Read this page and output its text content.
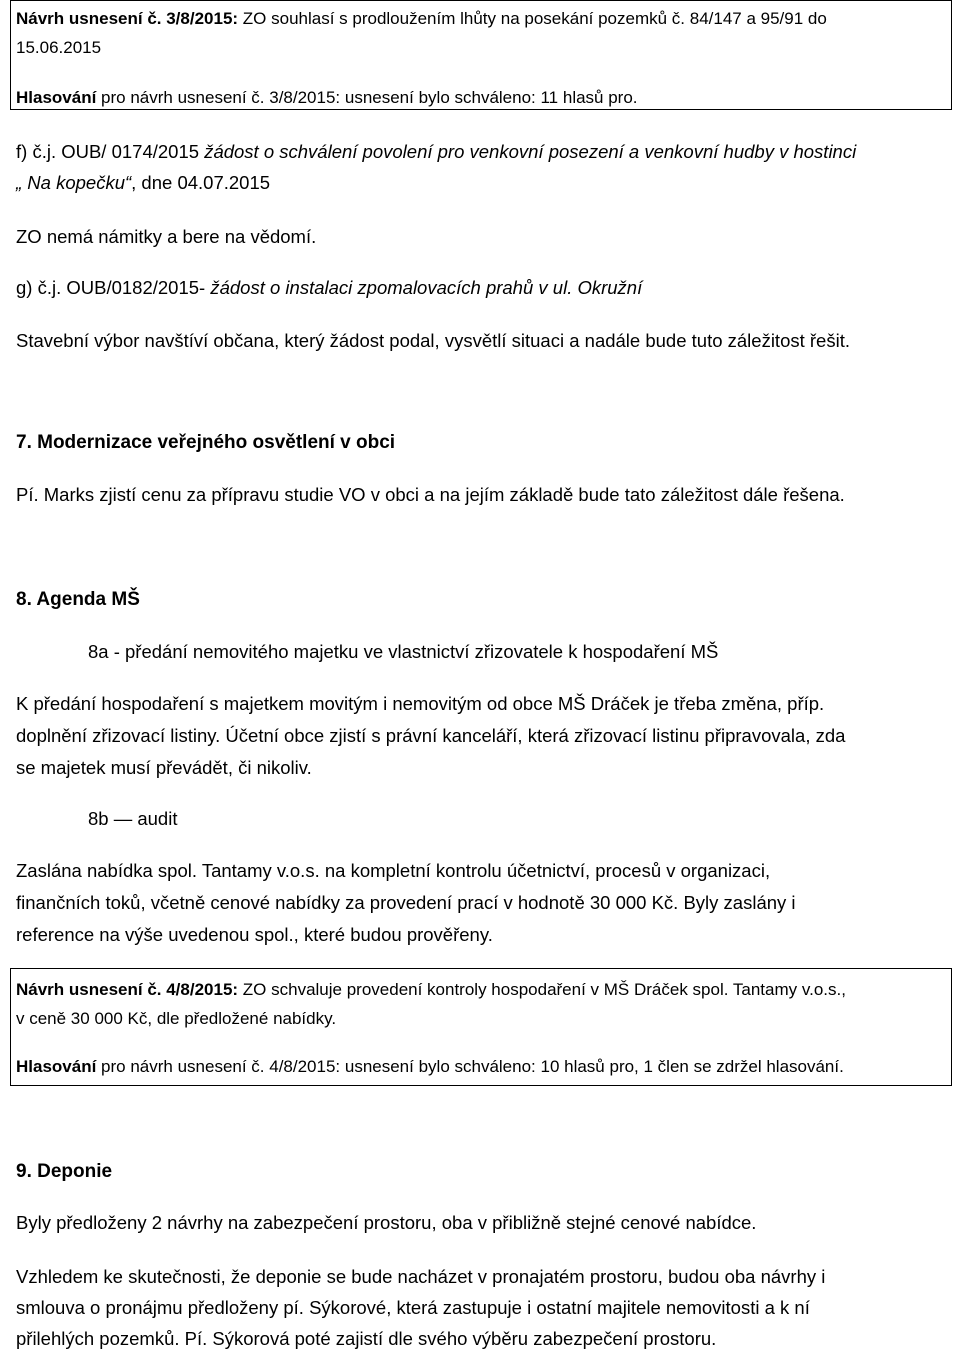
Návrh usnesení č. 3/8/2015: ZO souhlasí s prodloužením lhůty na posekání pozemků č. 84/147 a 95/91 do
15.06.2015
Hlasování pro návrh usnesení č. 3/8/2015: usnesení bylo schváleno: 11 hlasů pro.
f) č.j. OUB/ 0174/2015 žádost o schválení povolení pro venkovní posezení a venkovní hudby v hostinci
„ Na kopečku“, dne 04.07.2015
ZO nemá námitky a bere na vědomí.
g) č.j. OUB/0182/2015- žádost o instalaci zpomalovacích prahů v ul. Okružní
Stavební výbor navštíví občana, který žádost podal, vysvětlí situaci a nadále bude tuto záležitost řešit.
7. Modernizace veřejného osvětlení v obci
Pí. Marks zjistí cenu za přípravu studie VO v obci a na jejím základě bude tato záležitost dále řešena.
8. Agenda MŠ
8a - předání nemovitého majetku ve vlastnictví zřizovatele k hospodaření MŠ
K předání hospodaření s majetkem movitým i nemovitým od obce MŠ Dráček je třeba změna, příp.
doplnění zřizovací listiny. Účetní obce zjistí s právní kanceláří, která zřizovací listinu připravovala, zda
se majetek musí převádět, či nikoliv.
8b — audit
Zaslána nabídka spol. Tantamy v.o.s. na kompletní kontrolu účetnictví, procesů v organizaci,
finančních toků, včetně cenové nabídky za provedení prací v hodnotě 30 000 Kč. Byly zaslány i
reference na výše uvedenou spol., které budou prověřeny.
Návrh usnesení č. 4/8/2015: ZO schvaluje provedení kontroly hospodaření v MŠ Dráček spol. Tantamy v.o.s.,
v ceně 30 000 Kč, dle předložené nabídky.
Hlasování pro návrh usnesení č. 4/8/2015: usnesení bylo schváleno: 10 hlasů pro, 1 člen se zdržel hlasování.
9. Deponie
Byly předloženy 2 návrhy na zabezpečení prostoru, oba v přibližně stejné cenové nabídce.
Vzhledem ke skutečnosti, že deponie se bude nacházet v pronajatém prostoru, budou oba návrhy i
smlouva o pronájmu předloženy pí. Sýkorové, která zastupuje i ostatní majitele nemovitosti a k ní
přilehlých pozemků. Pí. Sýkorová poté zajistí dle svého výběru zabezpečení prostoru.
